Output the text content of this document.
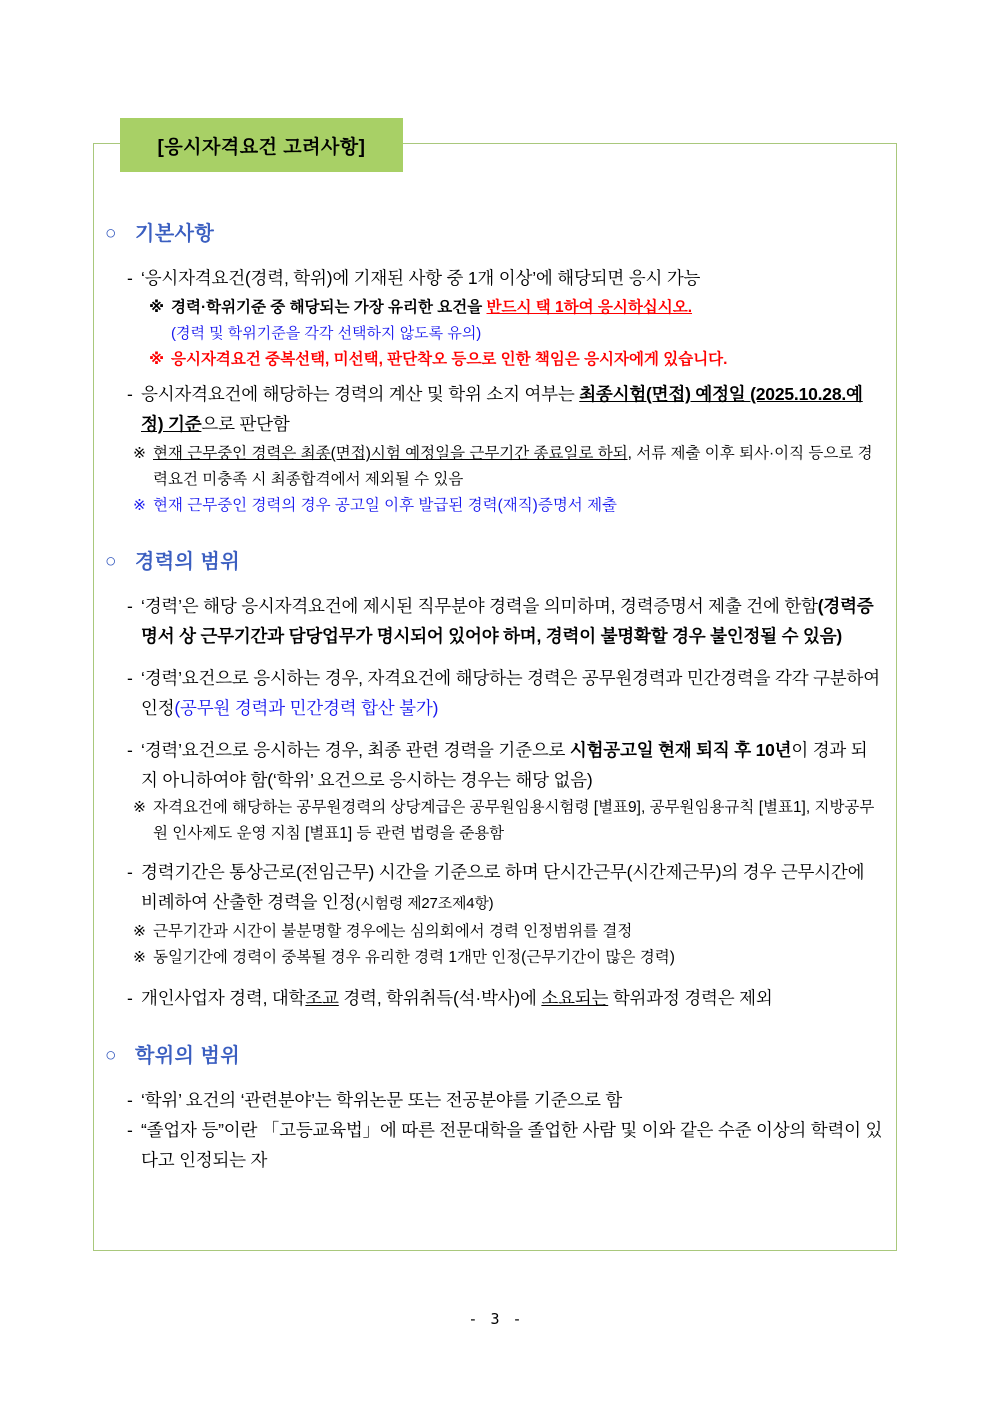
[응시자격요건 고려사항]
○ 기본사항
- ‘응시자격요건(경력, 학위)에 기재된 사항 중 1개 이상’에 해당되면 응시 가능
※ 경력·학위기준 중 해당되는 가장 유리한 요건을 반드시 택 1하여 응시하십시오.
(경력 및 학위기준을 각각 선택하지 않도록 유의)
※ 응시자격요건 중복선택, 미선택, 판단착오 등으로 인한 책임은 응시자에게 있습니다.
- 응시자격요건에 해당하는 경력의 계산 및 학위 소지 여부는 최종시험(면접) 예정일 (2025.10.28.예정) 기준으로 판단함
※ 현재 근무중인 경력은 최종(면접)시험 예정일을 근무기간 종료일로 하되, 서류 제출 이후 퇴사·이직 등으로 경력요건 미충족 시 최종합격에서 제외될 수 있음
※ 현재 근무중인 경력의 경우 공고일 이후 발급된 경력(재직)증명서 제출
○ 경력의 범위
- ‘경력’은 해당 응시자격요건에 제시된 직무분야 경력을 의미하며, 경력증명서 제출 건에 한함(경력증명서 상 근무기간과 담당업무가 명시되어 있어야 하며, 경력이 불명확할 경우 불인정될 수 있음)
- ‘경력’요건으로 응시하는 경우, 자격요건에 해당하는 경력은 공무원경력과 민간경력을 각각 구분하여 인정(공무원 경력과 민간경력 합산 불가)
- ‘경력’요건으로 응시하는 경우, 최종 관련 경력을 기준으로 시험공고일 현재 퇴직 후 10년이 경과 되지 아니하여야 함(‘학위’ 요건으로 응시하는 경우는 해당 없음)
※ 자격요건에 해당하는 공무원경력의 상당계급은 공무원임용시험령 [별표9], 공무원임용규칙 [별표1], 지방공무원 인사제도 운영 지침 [별표1] 등 관련 법령을 준용함
- 경력기간은 통상근로(전임근무) 시간을 기준으로 하며 단시간근무(시간제근무)의 경우 근무시간에 비례하여 산출한 경력을 인정(시험령 제27조제4항)
※ 근무기간과 시간이 불분명할 경우에는 심의회에서 경력 인정범위를 결정
※ 동일기간에 경력이 중복될 경우 유리한 경력 1개만 인정(근무기간이 많은 경력)
- 개인사업자 경력, 대학조교 경력, 학위취득(석·박사)에 소요되는 학위과정 경력은 제외
○ 학위의 범위
- ‘학위’ 요건의 ‘관련분야’는 학위논문 또는 전공분야를 기준으로 함
- “졸업자 등”이란 「고등교육법」에 따른 전문대학을 졸업한 사람 및 이와 같은 수준 이상의 학력이 있다고 인정되는 자
- 3 -
